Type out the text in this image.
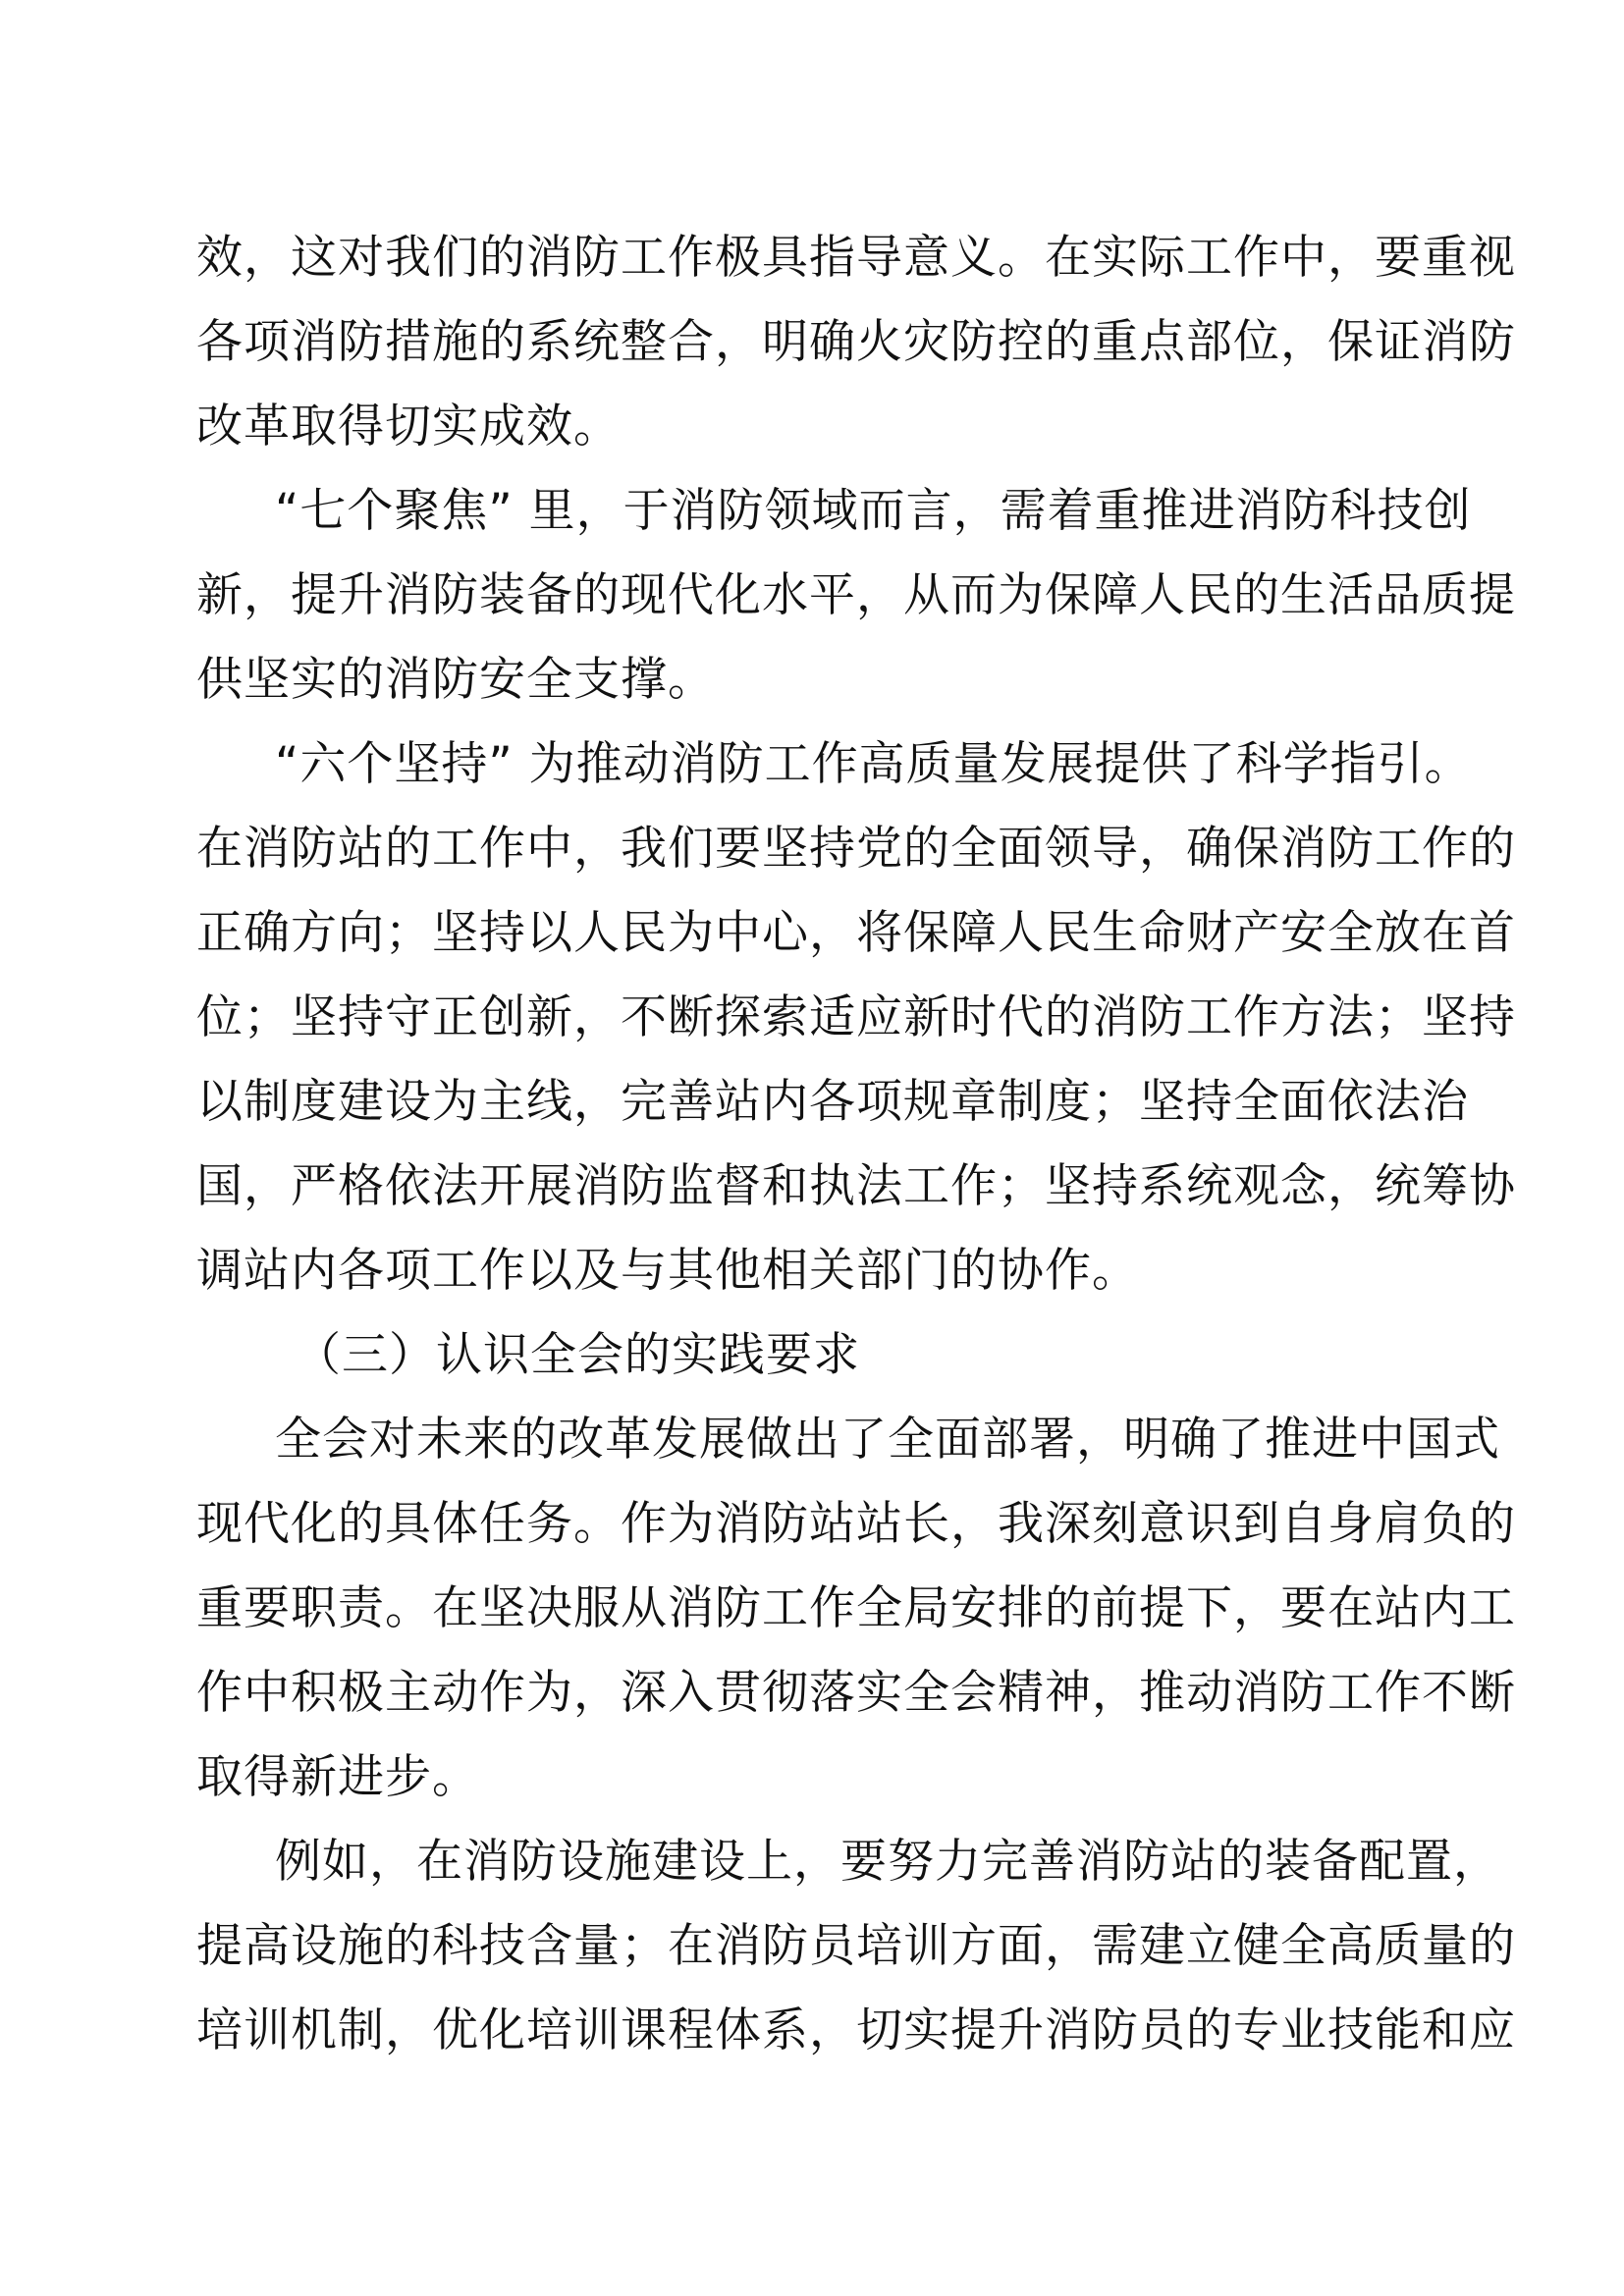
效，这对我们的消防工作极具指导意义。在实际工作中，要重视
各项消防措施的系统整合，明确火灾防控的重点部位，保证消防
改革取得切实成效。
“七个聚焦” 里，于消防领域而言，需着重推进消防科技创
新，提升消防装备的现代化水平，从而为保障人民的生活品质提
供坚实的消防安全支撑。
“六个坚持” 为推动消防工作高质量发展提供了科学指引。
在消防站的工作中，我们要坚持党的全面领导，确保消防工作的
正确方向；坚持以人民为中心，将保障人民生命财产安全放在首
位；坚持守正创新，不断探索适应新时代的消防工作方法；坚持
以制度建设为主线，完善站内各项规章制度；坚持全面依法治
国，严格依法开展消防监督和执法工作；坚持系统观念，统筹协
调站内各项工作以及与其他相关部门的协作。
（三）认识全会的实践要求
全会对未来的改革发展做出了全面部署，明确了推进中国式
现代化的具体任务。作为消防站站长，我深刻意识到自身肩负的
重要职责。在坚决服从消防工作全局安排的前提下，要在站内工
作中积极主动作为，深入贯彻落实全会精神，推动消防工作不断
取得新进步。
例如，在消防设施建设上，要努力完善消防站的装备配置，
提高设施的科技含量；在消防员培训方面，需建立健全高质量的
培训机制，优化培训课程体系，切实提升消防员的专业技能和应
